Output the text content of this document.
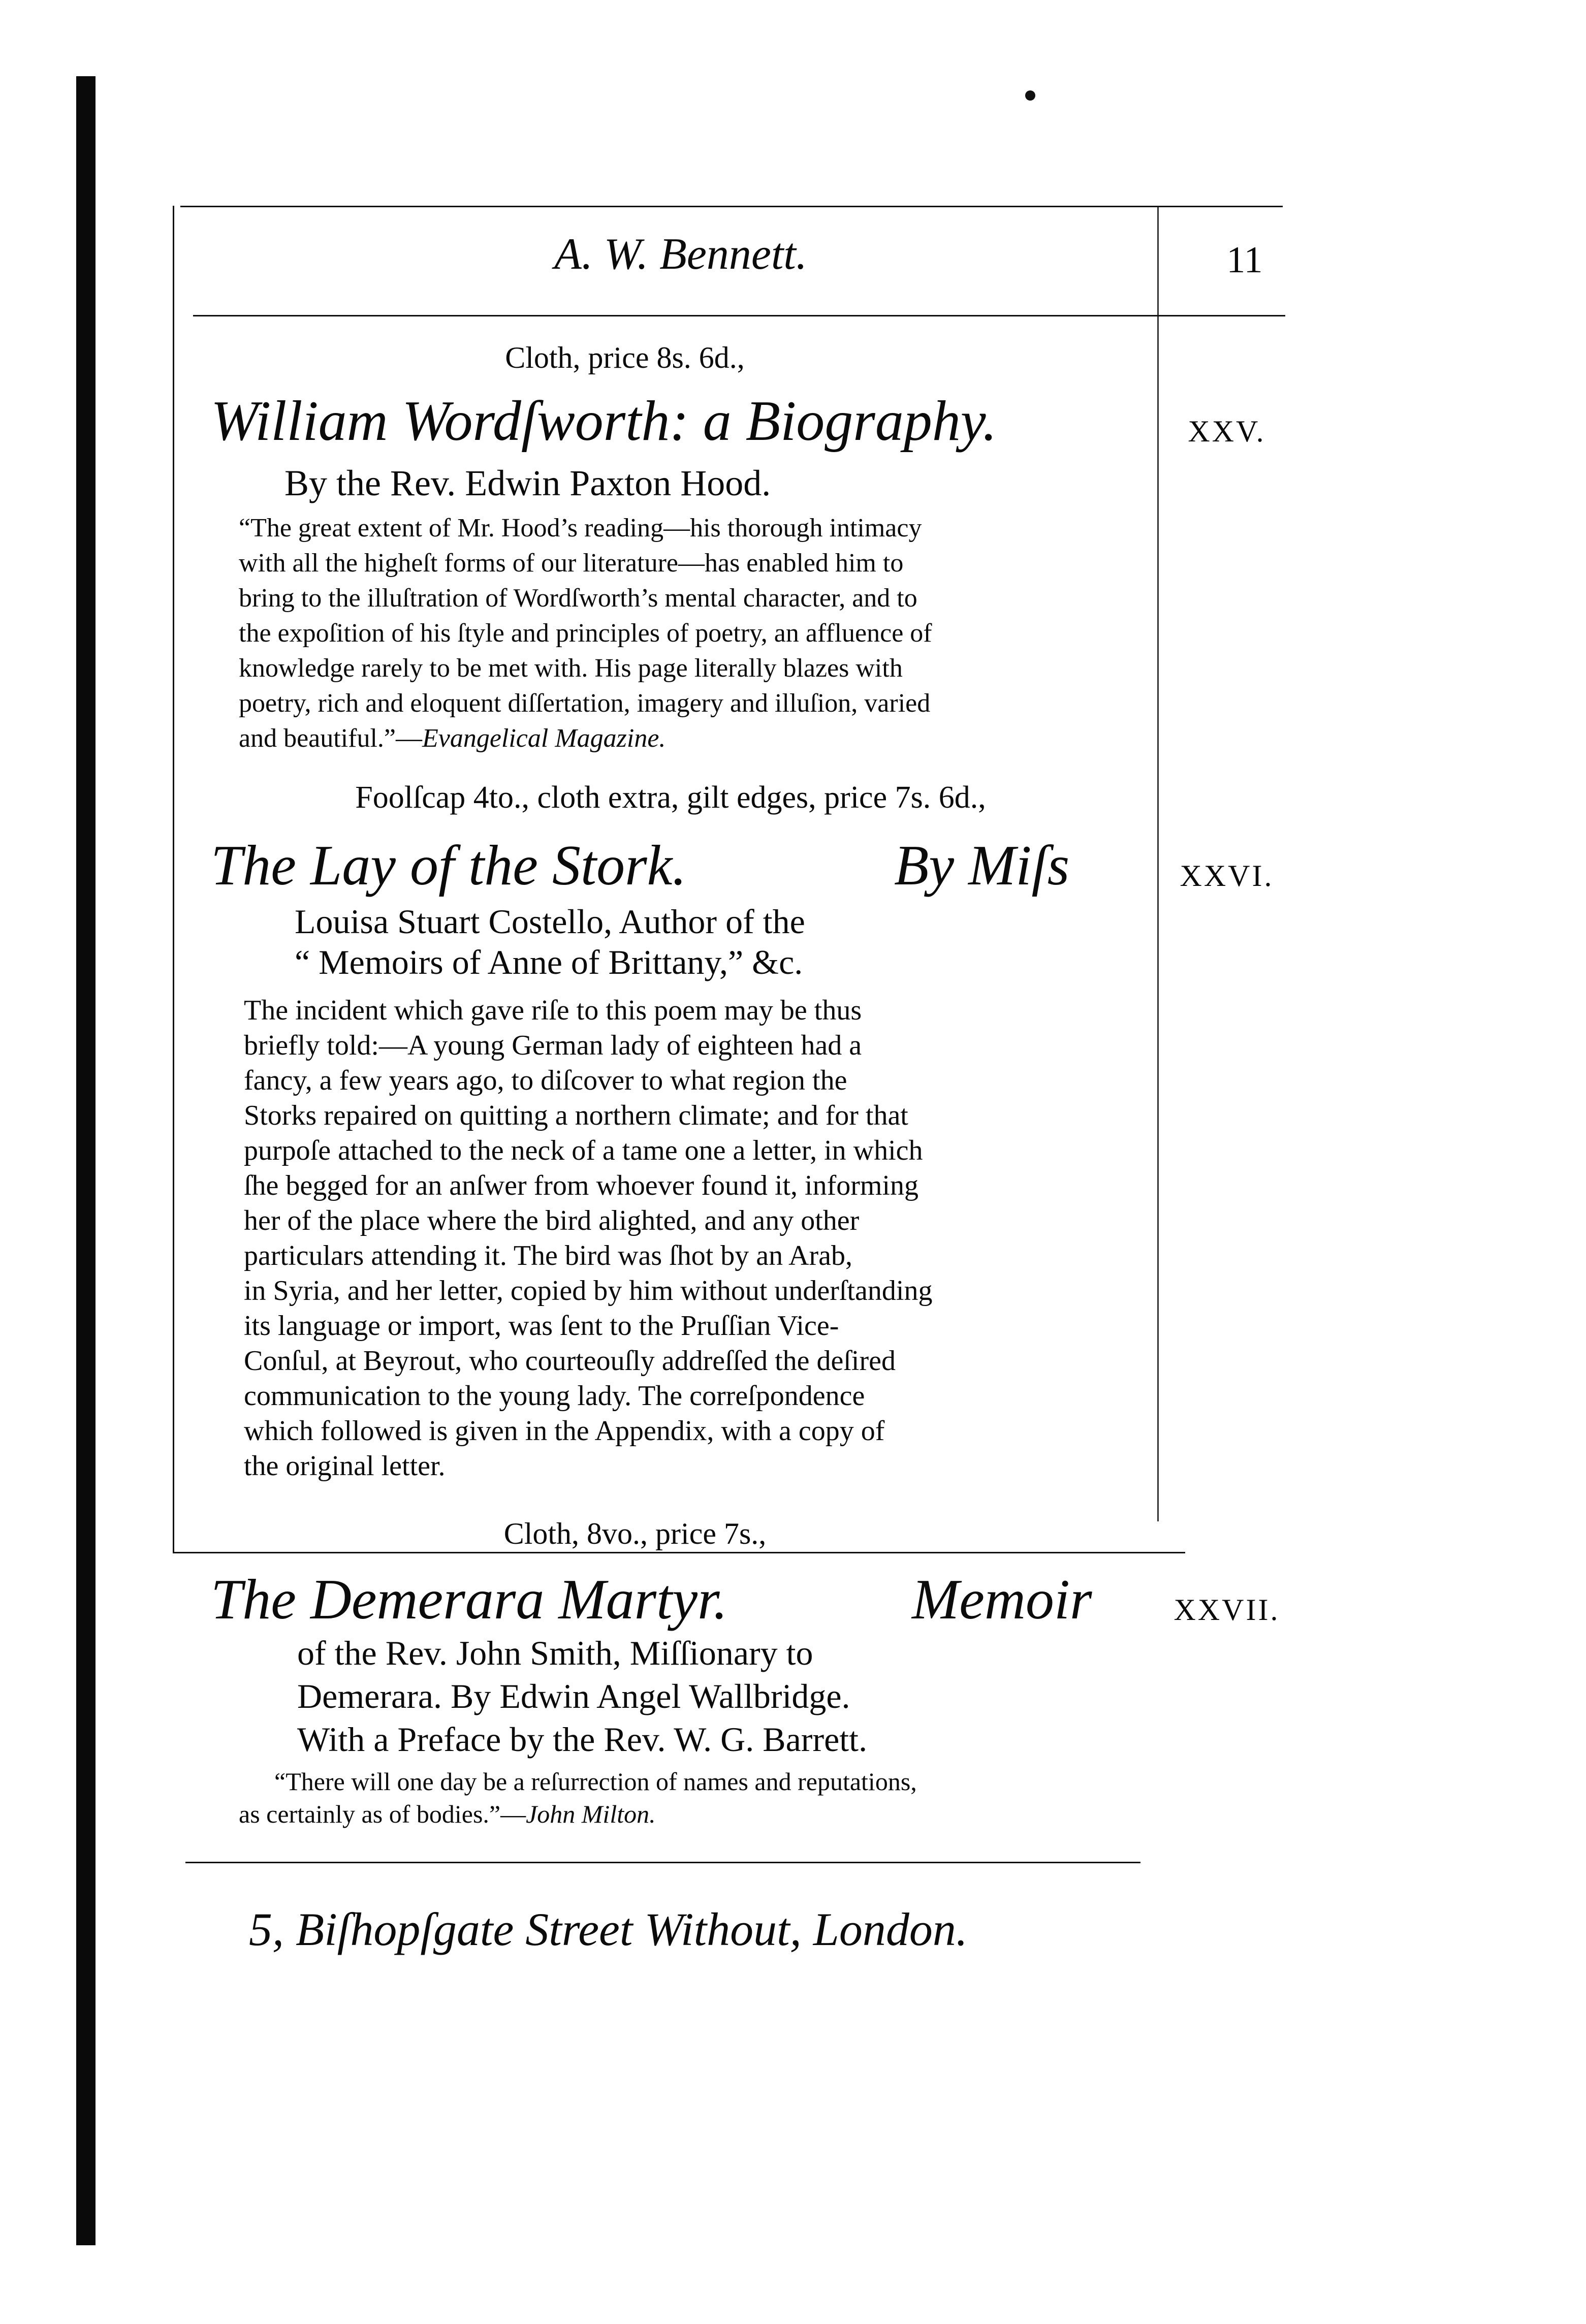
A. W. Bennett.	11
XXV.
Cloth, price 8s. 6d.,
William Wordſworth: a Biography.
By the Rev. Edwin Paxton Hood.
“The great extent of Mr. Hood’s reading—his thorough intimacy
with all the higheſt forms of our literature—has enabled him to
bring to the illuſtration of Wordſworth’s mental character, and to
the expoſition of his ſtyle and principles of poetry, an affluence of
knowledge rarely to be met with. His page literally blazes with
poetry, rich and eloquent diſſertation, imagery and illuſion, varied
and beautiful.”—Evangelical Magazine.
XXVI.
Foolſcap 4to., cloth extra, gilt edges, price 7s. 6d.,
The Lay of the Stork.	By Miſs
Louisa Stuart Costello, Author of the
“ Memoirs of Anne of Brittany,” &c.
The incident which gave riſe to this poem may be thus
briefly told:—A young German lady of eighteen had a
fancy, a few years ago, to diſcover to what region the
Storks repaired on quitting a northern climate; and for that
purpoſe attached to the neck of a tame one a letter, in which
ſhe begged for an anſwer from whoever found it, informing
her of the place where the bird alighted, and any other
particulars attending it. The bird was ſhot by an Arab,
in Syria, and her letter, copied by him without underſtanding
its language or import, was ſent to the Pruſſian Vice-
Conſul, at Beyrout, who courteouſly addreſſed the deſired
communication to the young lady. The correſpondence
which followed is given in the Appendix, with a copy of
the original letter.
XXVII.
Cloth, 8vo., price 7s.,
The Demerara Martyr.	Memoir
of the Rev. John Smith, Miſſionary to
Demerara. By Edwin Angel Wallbridge.
With a Preface by the Rev. W. G. Barrett.
“There will one day be a reſurrection of names and reputations,
as certainly as of bodies.”—John Milton.
5, Biſhopſgate Street Without, London.
